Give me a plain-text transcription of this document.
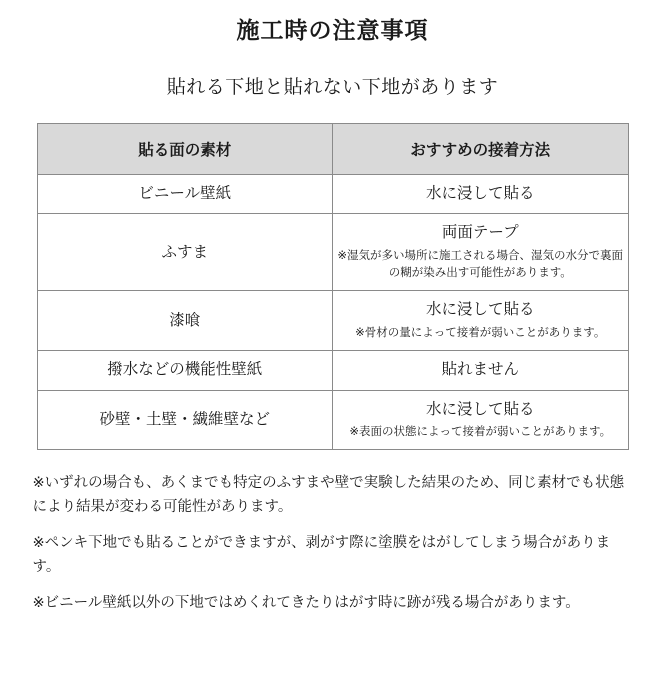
施工時の注意事項
貼れる下地と貼れない下地があります
貼る面の素材	おすすめの接着方法
ビニール壁紙	水に浸して貼る

ふすま	両面テープ
※湿気が多い場所に施工される場合、湿気の水分で裏面の糊が染み出す可能性があります。

漆喰	水に浸して貼る
※骨材の量によって接着が弱いことがあります。

撥水などの機能性壁紙	貼れません

砂壁・土壁・繊維壁など	水に浸して貼る
※表面の状態によって接着が弱いことがあります。
※いずれの場合も、あくまでも特定のふすまや壁で実験した結果のため、同じ素材でも状態により結果が変わる可能性があります。
※ペンキ下地でも貼ることができますが、剥がす際に塗膜をはがしてしまう場合があります。
※ビニール壁紙以外の下地ではめくれてきたりはがす時に跡が残る場合があります。
